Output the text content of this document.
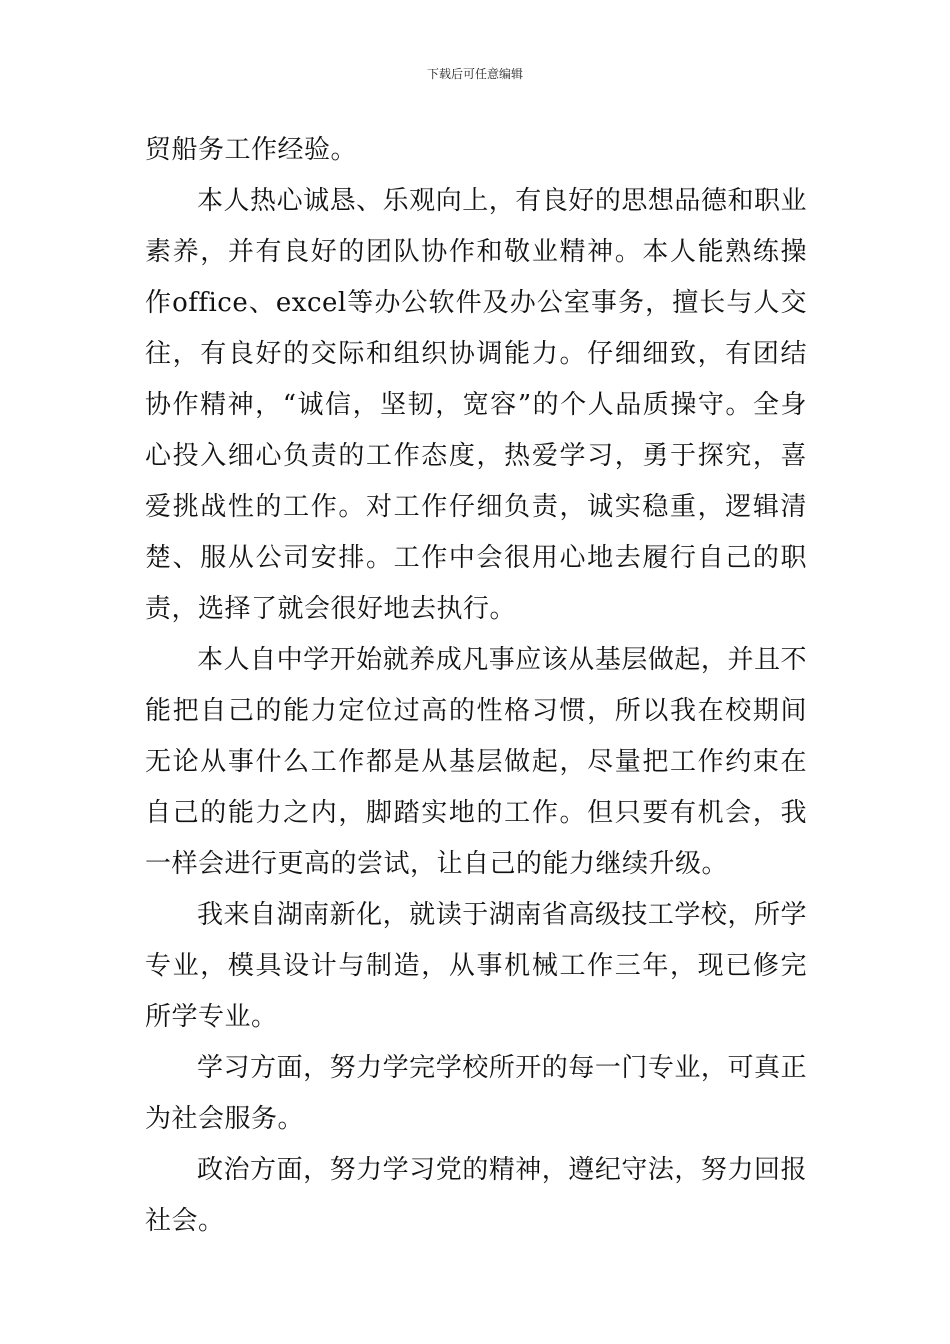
下载后可任意编辑

贸船务工作经验。

本人热心诚恳、乐观向上，有良好的思想品德和职业素养，并有良好的团队协作和敬业精神。本人能熟练操作office、excel等办公软件及办公室事务，擅长与人交往，有良好的交际和组织协调能力。仔细细致，有团结协作精神，“诚信，坚韧，宽容”的个人品质操守。全身心投入细心负责的工作态度，热爱学习，勇于探究，喜爱挑战性的工作。对工作仔细负责，诚实稳重，逻辑清楚、服从公司安排。工作中会很用心地去履行自己的职责，选择了就会很好地去执行。

本人自中学开始就养成凡事应该从基层做起，并且不能把自己的能力定位过高的性格习惯，所以我在校期间无论从事什么工作都是从基层做起，尽量把工作约束在自己的能力之内，脚踏实地的工作。但只要有机会，我一样会进行更高的尝试，让自己的能力继续升级。

我来自湖南新化，就读于湖南省高级技工学校，所学专业，模具设计与制造，从事机械工作三年，现已修完所学专业。

学习方面，努力学完学校所开的每一门专业，可真正为社会服务。

政治方面，努力学习党的精神，遵纪守法，努力回报社会。
